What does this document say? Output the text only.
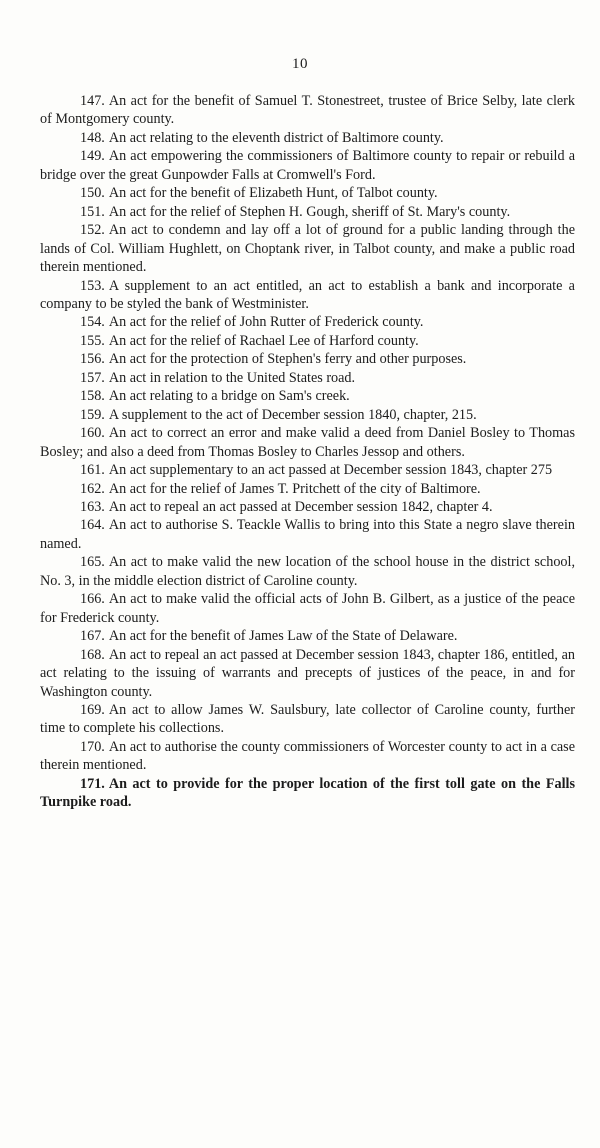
10

147. An act for the benefit of Samuel T. Stonestreet, trustee of Brice Selby, late clerk of Montgomery county.

148. An act relating to the eleventh district of Baltimore county.

149. An act empowering the commissioners of Baltimore county to repair or rebuild a bridge over the great Gunpowder Falls at Cromwell's Ford.

150. An act for the benefit of Elizabeth Hunt, of Talbot county.

151. An act for the relief of Stephen H. Gough, sheriff of St. Mary's county.

152. An act to condemn and lay off a lot of ground for a public landing through the lands of Col. William Hughlett, on Choptank river, in Talbot county, and make a public road therein mentioned.

153. A supplement to an act entitled, an act to establish a bank and incorporate a company to be styled the bank of Westminister.

154. An act for the relief of John Rutter of Frederick county.

155. An act for the relief of Rachael Lee of Harford county.

156. An act for the protection of Stephen's ferry and other purposes.

157. An act in relation to the United States road.

158. An act relating to a bridge on Sam's creek.

159. A supplement to the act of December session 1840, chapter, 215.

160. An act to correct an error and make valid a deed from Daniel Bosley to Thomas Bosley; and also a deed from Thomas Bosley to Charles Jessop and others.

161. An act supplementary to an act passed at December session 1843, chapter 275

162. An act for the relief of James T. Pritchett of the city of Baltimore.

163. An act to repeal an act passed at December session 1842, chapter 4.

164. An act to authorise S. Teackle Wallis to bring into this State a negro slave therein named.

165. An act to make valid the new location of the school house in the district school, No. 3, in the middle election district of Caroline county.

166. An act to make valid the official acts of John B. Gilbert, as a justice of the peace for Frederick county.

167. An act for the benefit of James Law of the State of Delaware.

168. An act to repeal an act passed at December session 1843, chapter 186, entitled, an act relating to the issuing of warrants and precepts of justices of the peace, in and for Washington county.

169. An act to allow James W. Saulsbury, late collector of Caroline county, further time to complete his collections.

170. An act to authorise the county commissioners of Worcester county to act in a case therein mentioned.

171. An act to provide for the proper location of the first toll gate on the Falls Turnpike road.
